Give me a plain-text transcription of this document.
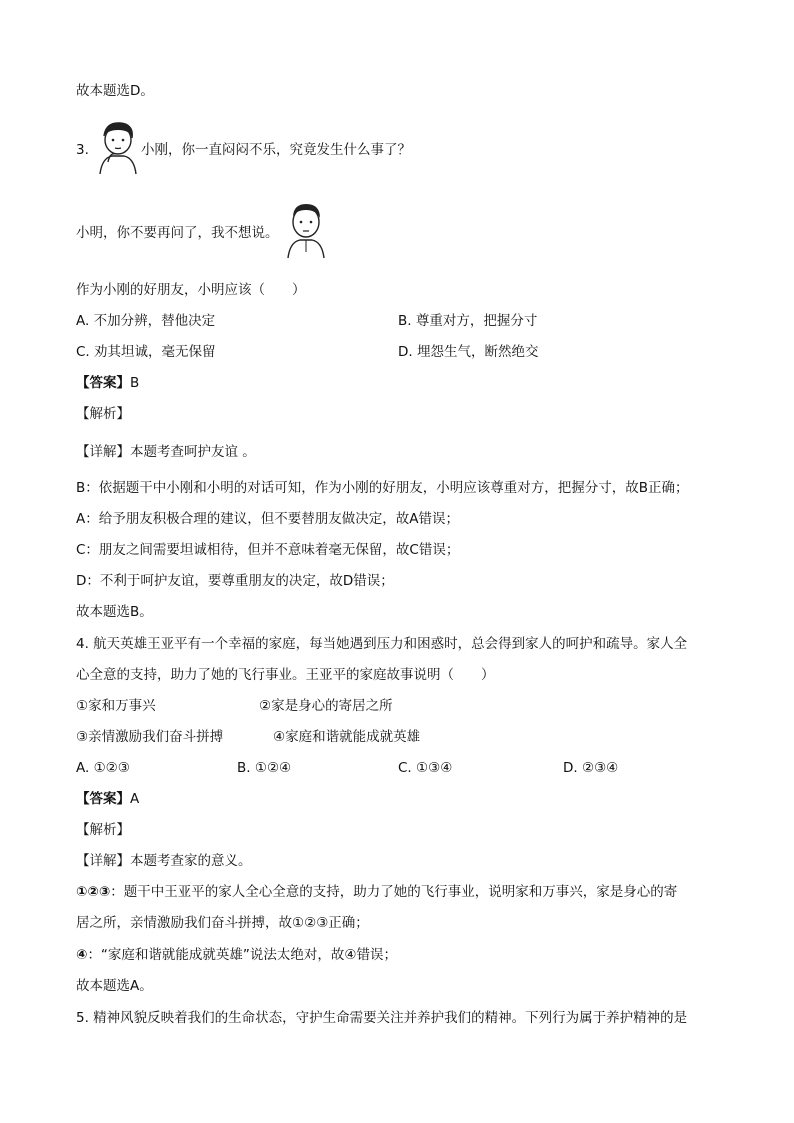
故本题选D。
3.	小刚，你一直闷闷不乐，究竟发生什么事了？
小明，你不要再问了，我不想说。
作为小刚的好朋友，小明应该（　　）
A. 不加分辨，替他决定	B. 尊重对方，把握分寸
C. 劝其坦诚，毫无保留	D. 埋怨生气，断然绝交
【答案】B
【解析】
【详解】本题考查呵护友谊 。
B：依据题干中小刚和小明的对话可知，作为小刚的好朋友，小明应该尊重对方，把握分寸，故B正确；
A：给予朋友积极合理的建议，但不要替朋友做决定，故A错误；
C：朋友之间需要坦诚相待，但并不意味着毫无保留，故C错误；
D：不利于呵护友谊，要尊重朋友的决定，故D错误；
故本题选B。
4. 航天英雄王亚平有一个幸福的家庭，每当她遇到压力和困惑时，总会得到家人的呵护和疏导。家人全
心全意的支持，助力了她的飞行事业。王亚平的家庭故事说明（　　）
①家和万事兴	②家是身心的寄居之所
③亲情激励我们奋斗拼搏	④家庭和谐就能成就英雄
A. ①②③	B. ①②④	C. ①③④	D. ②③④
【答案】A
【解析】
【详解】本题考查家的意义。
①②③：题干中王亚平的家人全心全意的支持，助力了她的飞行事业，说明家和万事兴，家是身心的寄
居之所，亲情激励我们奋斗拼搏，故①②③正确；
④：“家庭和谐就能成就英雄”说法太绝对，故④错误；
故本题选A。
5. 精神风貌反映着我们的生命状态，守护生命需要关注并养护我们的精神。下列行为属于养护精神的是
